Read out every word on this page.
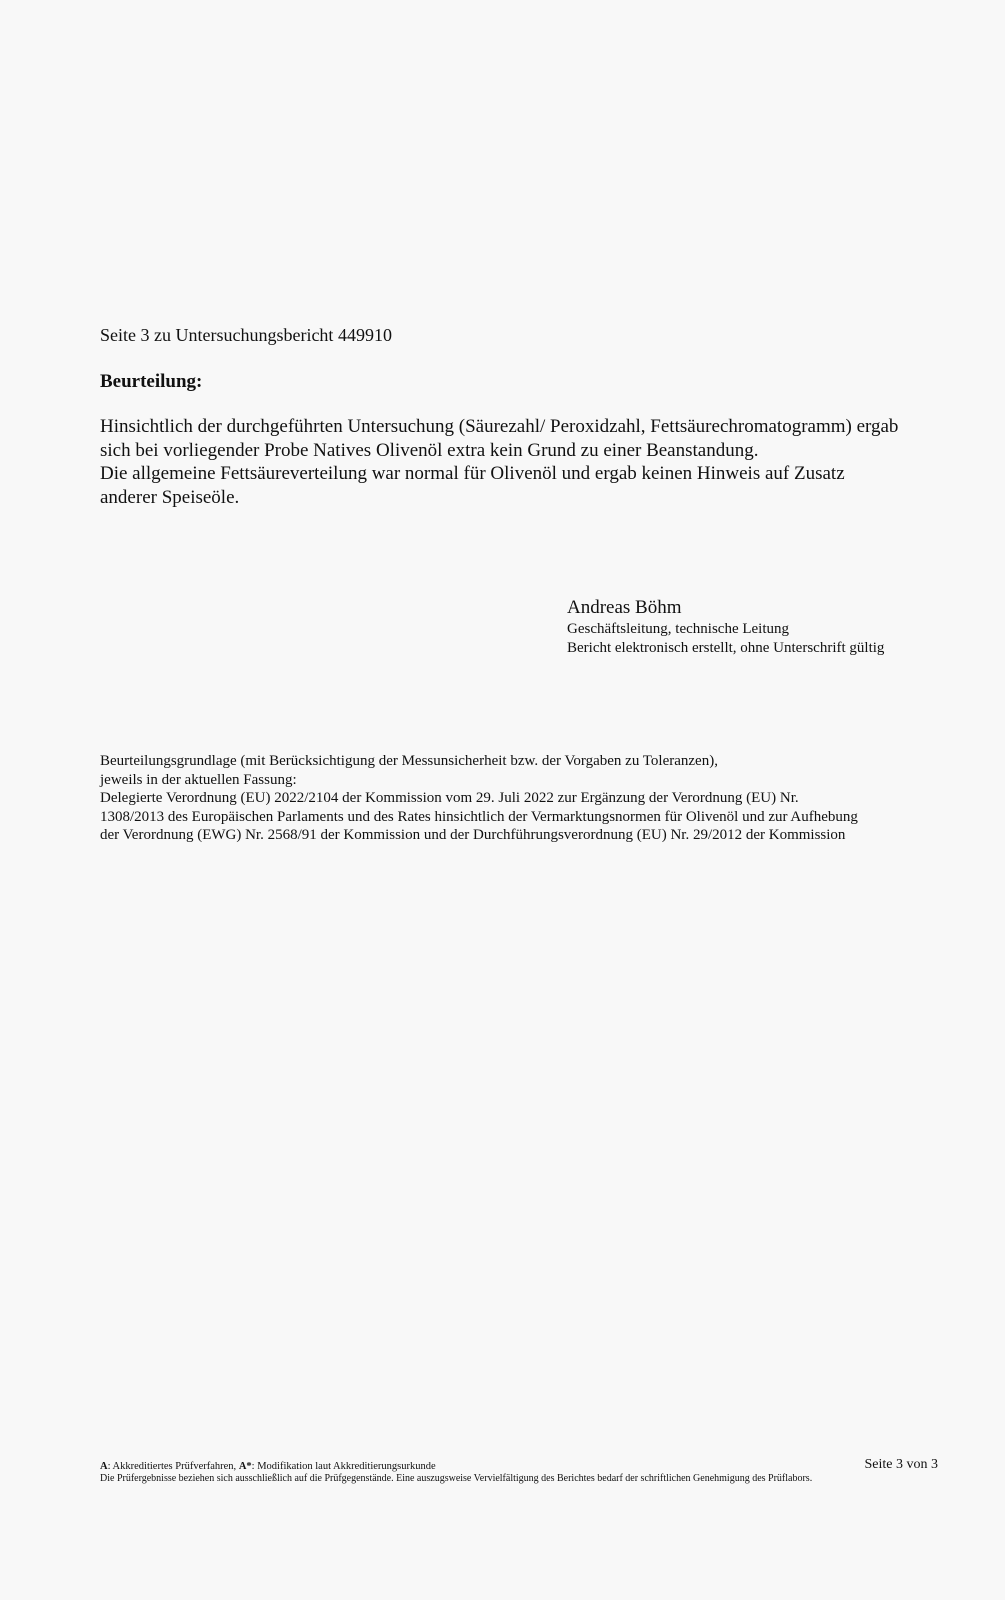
Seite 3 zu Untersuchungsbericht 449910
Beurteilung:
Hinsichtlich der durchgeführten Untersuchung (Säurezahl/ Peroxidzahl, Fettsäurechromatogramm) ergab
sich bei vorliegender Probe Natives Olivenöl extra kein Grund zu einer Beanstandung.
Die allgemeine Fettsäureverteilung war normal für Olivenöl und ergab keinen Hinweis auf Zusatz
anderer Speiseöle.
Andreas Böhm
Geschäftsleitung, technische Leitung
Bericht elektronisch erstellt, ohne Unterschrift gültig
Beurteilungsgrundlage (mit Berücksichtigung der Messunsicherheit bzw. der Vorgaben zu Toleranzen),
jeweils in der aktuellen Fassung:
Delegierte Verordnung (EU) 2022/2104 der Kommission vom 29. Juli 2022 zur Ergänzung der Verordnung (EU) Nr.
1308/2013 des Europäischen Parlaments und des Rates hinsichtlich der Vermarktungsnormen für Olivenöl und zur Aufhebung
der Verordnung (EWG) Nr. 2568/91 der Kommission und der Durchführungsverordnung (EU) Nr. 29/2012 der Kommission
A: Akkreditiertes Prüfverfahren, A*: Modifikation laut Akkreditierungsurkunde	Seite 3 von 3
Die Prüfergebnisse beziehen sich ausschließlich auf die Prüfgegenstände. Eine auszugsweise Vervielfältigung des Berichtes bedarf der schriftlichen Genehmigung des Prüflabors.
